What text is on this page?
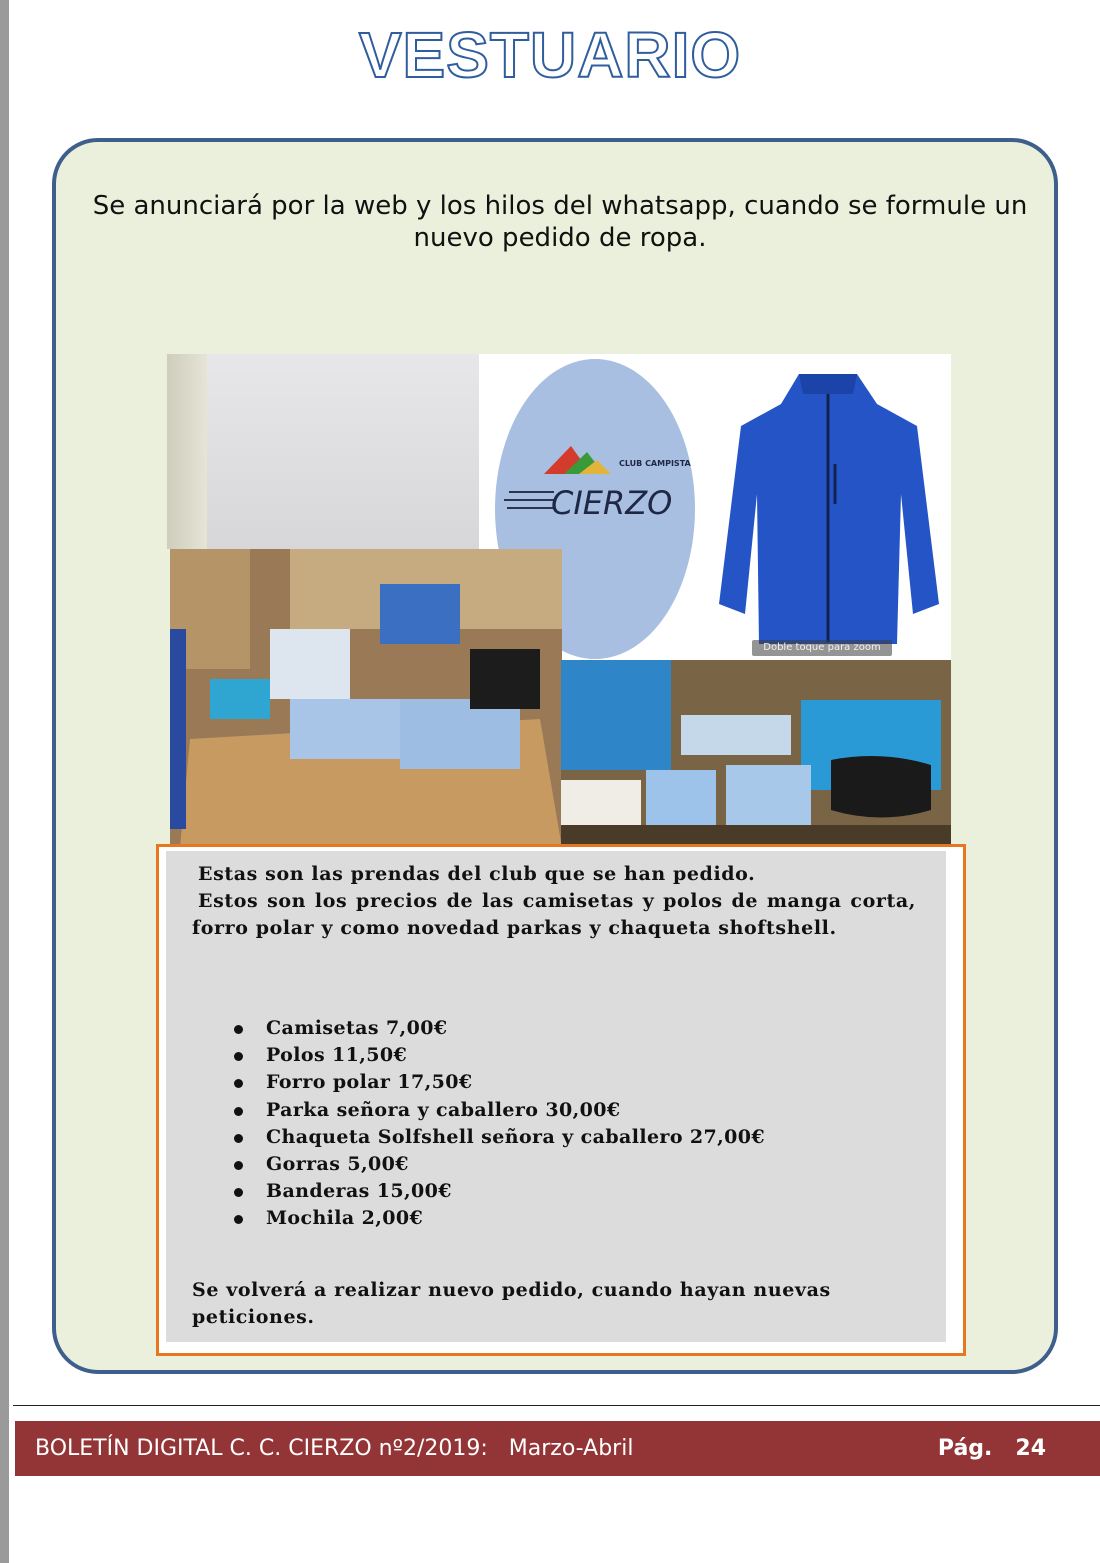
VESTUARIO
Se anunciará por la web y los hilos del whatsapp, cuando se formule un nuevo pedido de ropa.
CIERZO
CLUB CAMPISTA
Doble toque para zoom
Estas son las prendas del club que se han pedido.
Estos son los precios de las camisetas y polos de manga corta, forro polar y como novedad parkas y chaqueta shoftshell.
Camisetas 7,00€
Polos 11,50€
Forro polar 17,50€
Parka señora y caballero 30,00€
Chaqueta Solfshell señora y caballero 27,00€
Gorras 5,00€
Banderas 15,00€
Mochila 2,00€
Se volverá a realizar nuevo pedido, cuando hayan nuevas peticiones.
BOLETÍN DIGITAL C. C. CIERZO nº2/2019:   Marzo-Abril	Pág.   24
